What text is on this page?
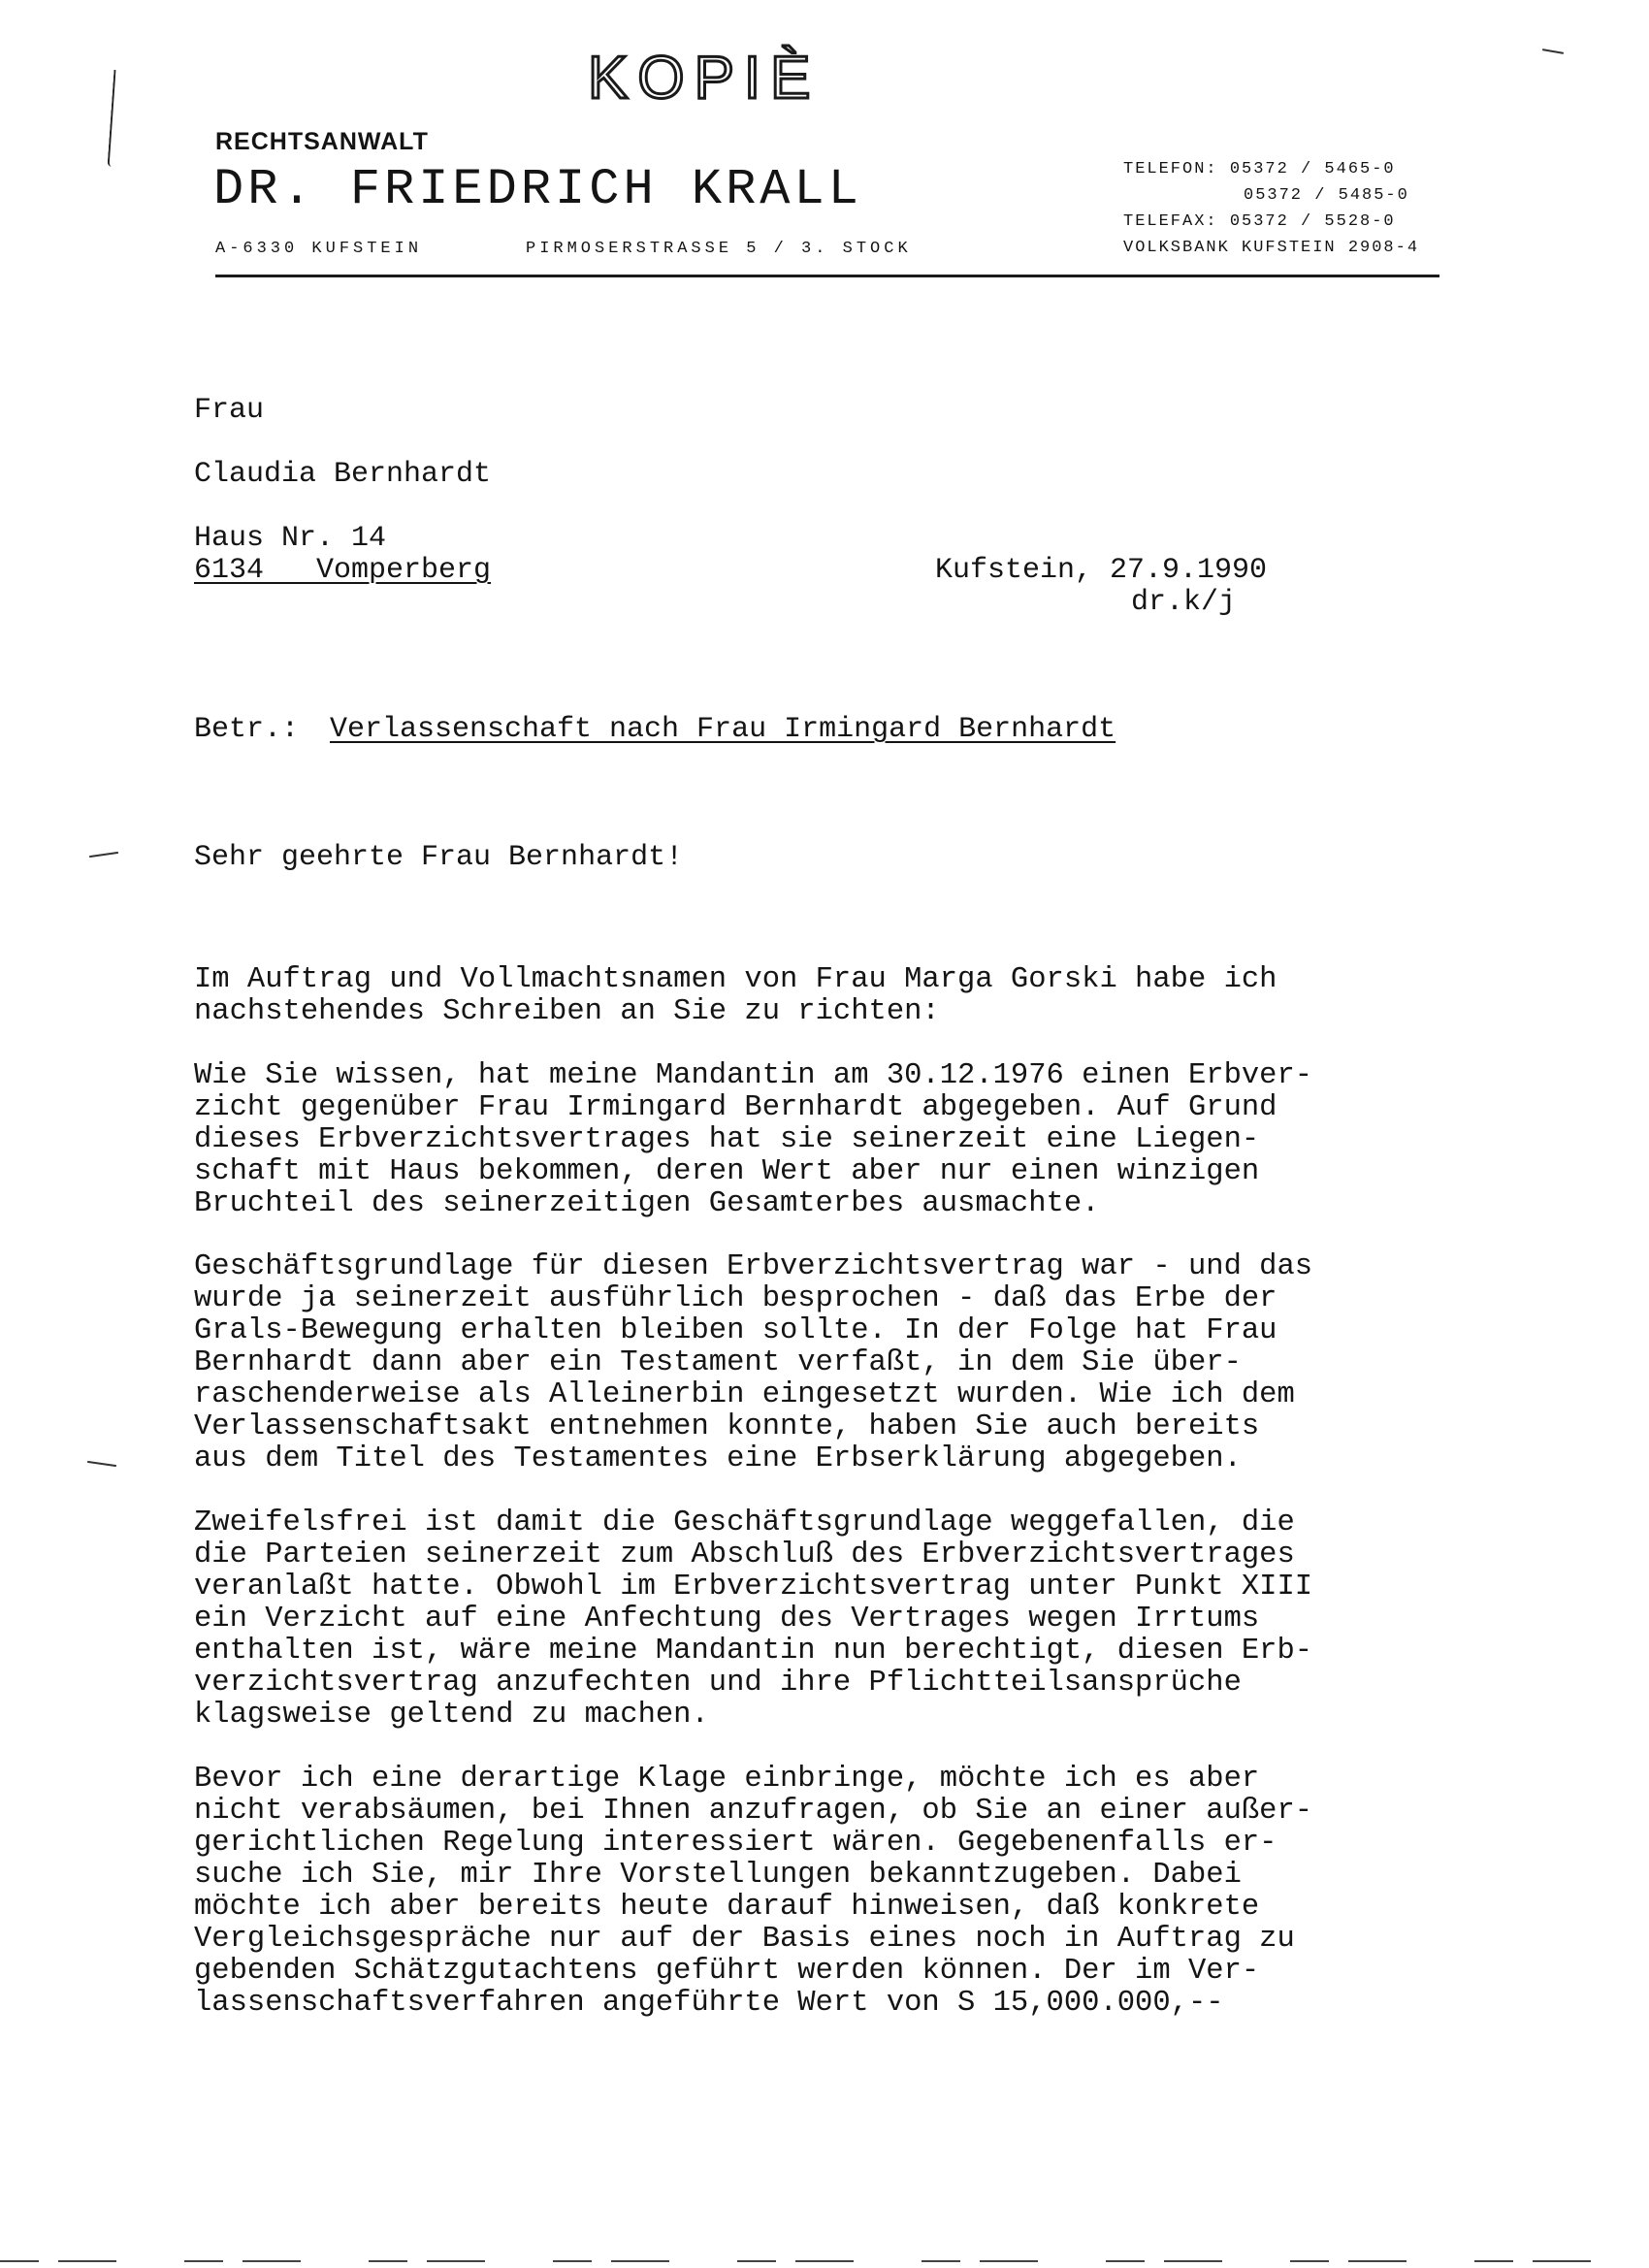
KOPIÈ
RECHTSANWALT
DR. FRIEDRICH KRALL
A-6330 KUFSTEIN	PIRMOSERSTRASSE 5 / 3. STOCK
TELEFON: 05372 / 5465-0
05372 / 5485-0
TELEFAX: 05372 / 5528-0
VOLKSBANK KUFSTEIN 2908-4
Frau
Claudia Bernhardt
Haus Nr. 14
6134   Vomperberg	Kufstein, 27.9.1990
dr.k/j
Betr.: Verlassenschaft nach Frau Irmingard Bernhardt
Sehr geehrte Frau Bernhardt!
Im Auftrag und Vollmachtsnamen von Frau Marga Gorski habe ich
nachstehendes Schreiben an Sie zu richten:
Wie Sie wissen, hat meine Mandantin am 30.12.1976 einen Erbver-
zicht gegenüber Frau Irmingard Bernhardt abgegeben. Auf Grund
dieses Erbverzichtsvertrages hat sie seinerzeit eine Liegen-
schaft mit Haus bekommen, deren Wert aber nur einen winzigen
Bruchteil des seinerzeitigen Gesamterbes ausmachte.
Geschäftsgrundlage für diesen Erbverzichtsvertrag war - und das
wurde ja seinerzeit ausführlich besprochen - daß das Erbe der
Grals-Bewegung erhalten bleiben sollte. In der Folge hat Frau
Bernhardt dann aber ein Testament verfaßt, in dem Sie über-
raschenderweise als Alleinerbin eingesetzt wurden. Wie ich dem
Verlassenschaftsakt entnehmen konnte, haben Sie auch bereits
aus dem Titel des Testamentes eine Erbserklärung abgegeben.
Zweifelsfrei ist damit die Geschäftsgrundlage weggefallen, die
die Parteien seinerzeit zum Abschluß des Erbverzichtsvertrages
veranlaßt hatte. Obwohl im Erbverzichtsvertrag unter Punkt XIII
ein Verzicht auf eine Anfechtung des Vertrages wegen Irrtums
enthalten ist, wäre meine Mandantin nun berechtigt, diesen Erb-
verzichtsvertrag anzufechten und ihre Pflichtteilsansprüche
klagsweise geltend zu machen.
Bevor ich eine derartige Klage einbringe, möchte ich es aber
nicht verabsäumen, bei Ihnen anzufragen, ob Sie an einer außer-
gerichtlichen Regelung interessiert wären. Gegebenenfalls er-
suche ich Sie, mir Ihre Vorstellungen bekanntzugeben. Dabei
möchte ich aber bereits heute darauf hinweisen, daß konkrete
Vergleichsgespräche nur auf der Basis eines noch in Auftrag zu
gebenden Schätzgutachtens geführt werden können. Der im Ver-
lassenschaftsverfahren angeführte Wert von S 15,000.000,--
